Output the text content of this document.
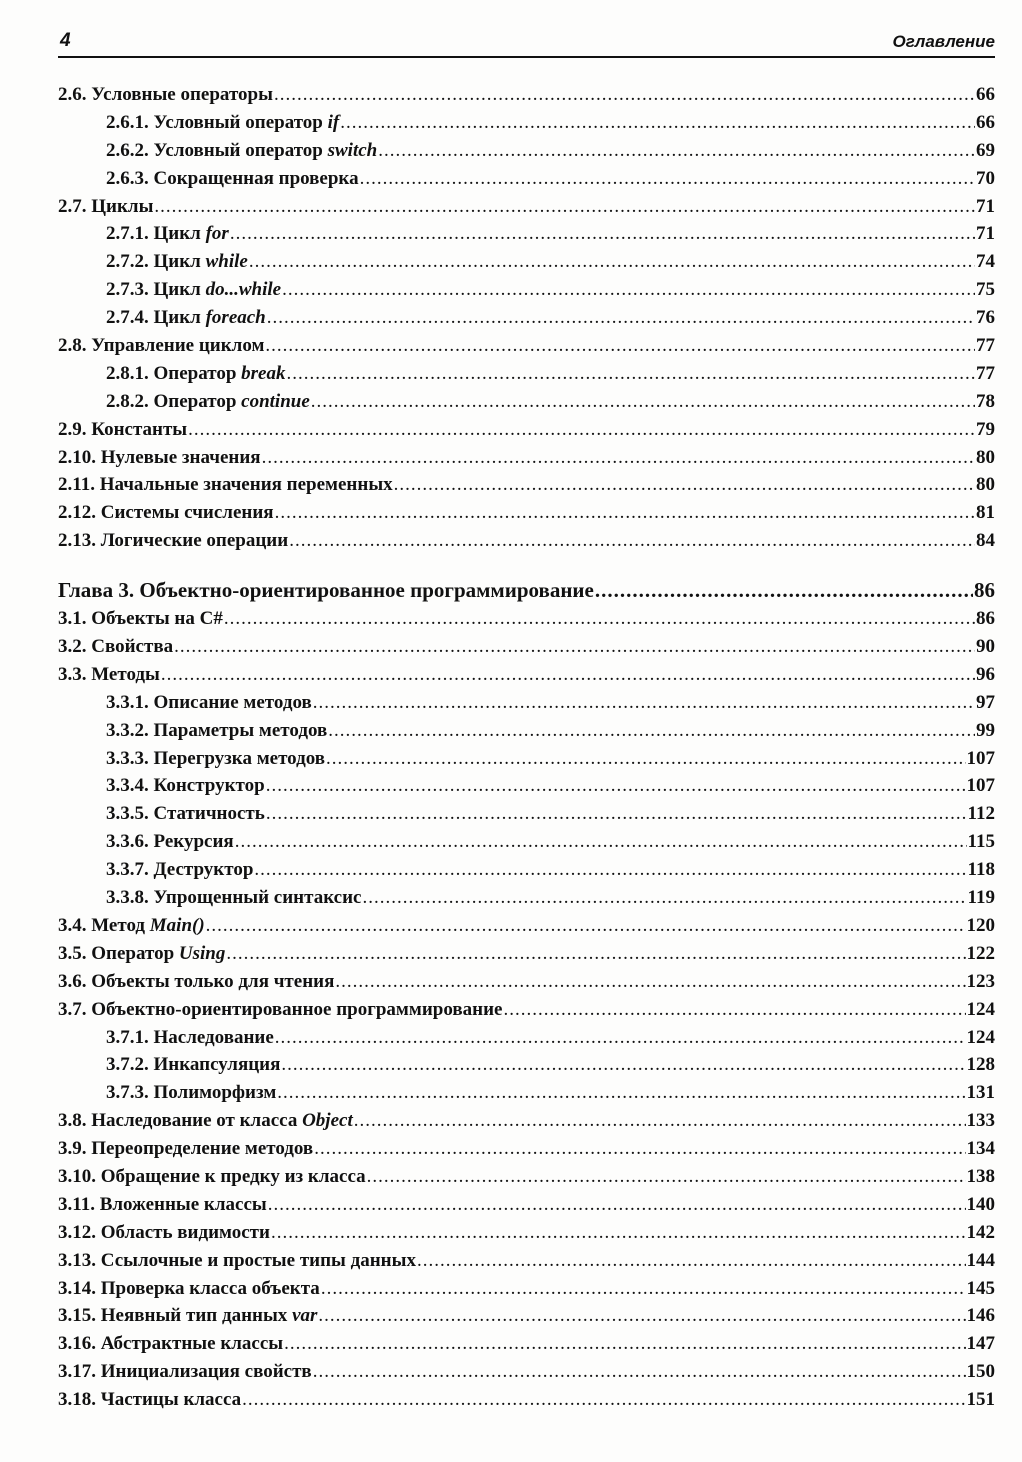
4	Оглавление
2.6. Условные операторы .....	66
2.6.1. Условный оператор if .....	66
2.6.2. Условный оператор switch .....	69
2.6.3. Сокращенная проверка .....	70
2.7. Циклы .....	71
2.7.1. Цикл for .....	71
2.7.2. Цикл while .....	74
2.7.3. Цикл do...while .....	75
2.7.4. Цикл foreach .....	76
2.8. Управление циклом .....	77
2.8.1. Оператор break .....	77
2.8.2. Оператор continue .....	78
2.9. Константы .....	79
2.10. Нулевые значения .....	80
2.11. Начальные значения переменных .....	80
2.12. Системы счисления .....	81
2.13. Логические операции .....	84
Глава 3. Объектно-ориентированное программирование .....	86
3.1. Объекты на C# .....	86
3.2. Свойства .....	90
3.3. Методы .....	96
3.3.1. Описание методов .....	97
3.3.2. Параметры методов .....	99
3.3.3. Перегрузка методов .....	107
3.3.4. Конструктор .....	107
3.3.5. Статичность .....	112
3.3.6. Рекурсия .....	115
3.3.7. Деструктор .....	118
3.3.8. Упрощенный синтаксис .....	119
3.4. Метод Main() .....	120
3.5. Оператор Using .....	122
3.6. Объекты только для чтения .....	123
3.7. Объектно-ориентированное программирование .....	124
3.7.1. Наследование .....	124
3.7.2. Инкапсуляция .....	128
3.7.3. Полиморфизм .....	131
3.8. Наследование от класса Object .....	133
3.9. Переопределение методов .....	134
3.10. Обращение к предку из класса .....	138
3.11. Вложенные классы .....	140
3.12. Область видимости .....	142
3.13. Ссылочные и простые типы данных .....	144
3.14. Проверка класса объекта .....	145
3.15. Неявный тип данных var .....	146
3.16. Абстрактные классы .....	147
3.17. Инициализация свойств .....	150
3.18. Частицы класса .....	151
